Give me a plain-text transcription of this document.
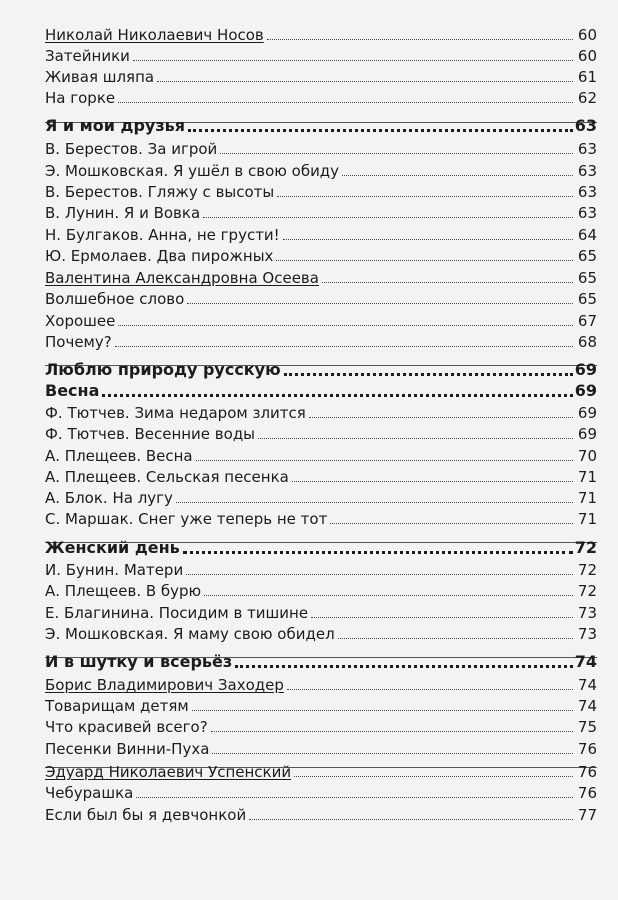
Николай Николаевич Носов	60
Затейники	60
Живая шляпа	61
На горке	62
Я и мои друзья	63
В. Берестов. За игрой	63
Э. Мошковская. Я ушёл в свою обиду	63
В. Берестов. Гляжу с высоты	63
В. Лунин. Я и Вовка	63
Н. Булгаков. Анна, не грусти!	64
Ю. Ермолаев. Два пирожных	65
Валентина Александровна Осеева	65
Волшебное слово	65
Хорошее	67
Почему?	68
Люблю природу русскую	69
Весна	69
Ф. Тютчев. Зима недаром злится	69
Ф. Тютчев. Весенние воды	69
А. Плещеев. Весна	70
А. Плещеев. Сельская песенка	71
А. Блок. На лугу	71
С. Маршак. Снег уже теперь не тот	71
Женский день	72
И. Бунин. Матери	72
А. Плещеев. В бурю	72
Е. Благинина. Посидим в тишине	73
Э. Мошковская. Я маму свою обидел	73
И в шутку и всерьёз	74
Борис Владимирович Заходер	74
Товарищам детям	74
Что красивей всего?	75
Песенки Винни-Пуха	76
Эдуард Николаевич Успенский	76
Чебурашка	76
Если был бы я девчонкой	77
